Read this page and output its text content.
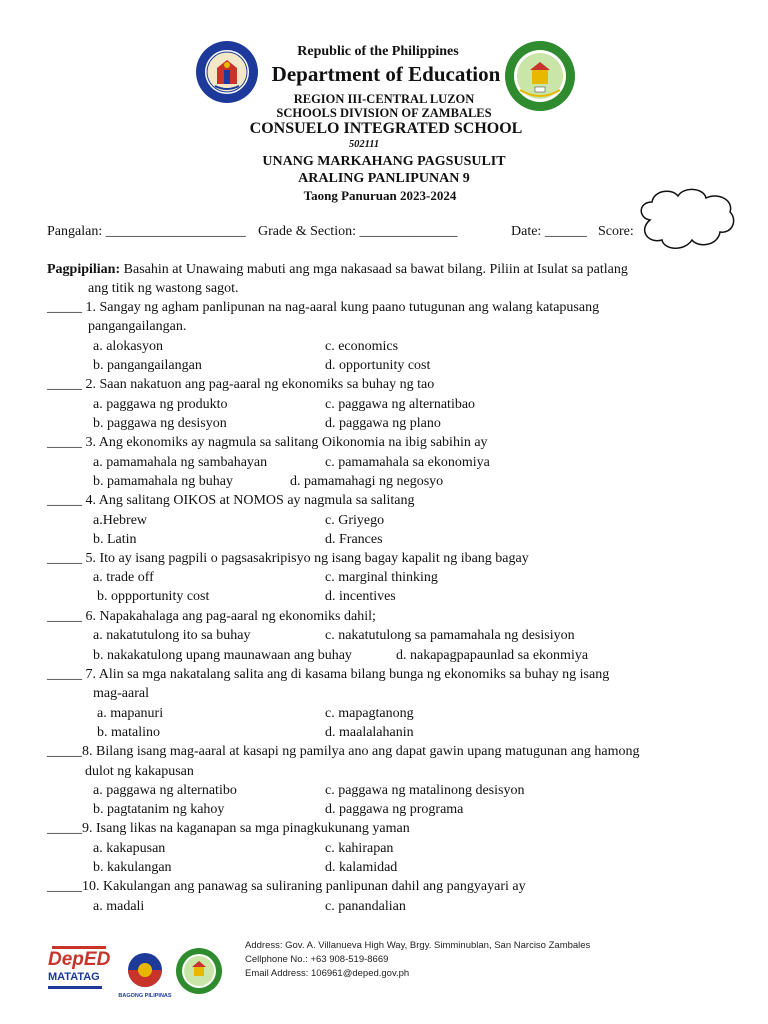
Republic of the Philippines
Department of Education
REGION III-CENTRAL LUZON
SCHOOLS DIVISION OF ZAMBALES
CONSUELO INTEGRATED SCHOOL
502111
UNANG MARKAHANG PAGSUSULIT
ARALING PANLIPUNAN 9
Taong Panuruan 2023-2024
Pangalan: ____________________ Grade & Section: ______________	Date: ______ Score:
Pagpipilian: Basahin at Unawaing mabuti ang mga nakasaad sa bawat bilang. Piliin at Isulat sa patlang
ang titik ng wastong sagot.
_____ 1. Sangay ng agham panlipunan na nag-aaral kung paano tutugunan ang walang katapusang
pangangailangan.
a. alokasyon	c. economics
b. pangangailangan	d. opportunity cost
_____ 2. Saan nakatuon ang pag-aaral ng ekonomiks sa buhay ng tao
a. paggawa ng produkto	c. paggawa ng alternatibao
b. paggawa ng desisyon	d. paggawa ng plano
_____ 3. Ang ekonomiks ay nagmula sa salitang Oikonomia na ibig sabihin ay
a. pamamahala ng sambahayan	c. pamamahala sa ekonomiya
b. pamamahala ng buhay	d. pamamahagi ng negosyo
_____ 4. Ang salitang OIKOS at NOMOS ay nagmula sa salitang
a.Hebrew	c. Griyego
b. Latin	d. Frances
_____ 5. Ito ay isang pagpili o pagsasakripisyo ng isang bagay kapalit ng ibang bagay
a. trade off	c. marginal thinking
b. oppportunity cost	d. incentives
_____ 6. Napakahalaga ang pag-aaral ng ekonomiks dahil;
a. nakatutulong ito sa buhay	c. nakatutulong sa pamamahala ng desisiyon
b. nakakatulong upang maunawaan ang buhay	d. nakapagpapaunlad sa ekonmiya
_____ 7. Alin sa mga nakatalang salita ang di kasama bilang bunga ng ekonomiks sa buhay ng isang
mag-aaral
a. mapanuri	c. mapagtanong
b. matalino	d. maalalahanin
_____8. Bilang isang mag-aaral at kasapi ng pamilya ano ang dapat gawin upang matugunan ang hamong
dulot ng kakapusan
a. paggawa ng alternatibo	c. paggawa ng matalinong desisyon
b. pagtatanim ng kahoy	d. paggawa ng programa
_____9. Isang likas na kaganapan sa mga pinagkukunang yaman
a. kakapusan	c. kahirapan
b. kakulangan	d. kalamidad
_____10. Kakulangan ang panawag sa suliraning panlipunan dahil ang pangyayari ay
a. madali	c. panandalian
DepED
MATATAG
BAGONG PILIPINAS
Address: Gov. A. Villanueva High Way, Brgy. Simminublan, San Narciso Zambales
Cellphone No.: +63 908-519-8669
Email Address: 106961@deped.gov.ph
